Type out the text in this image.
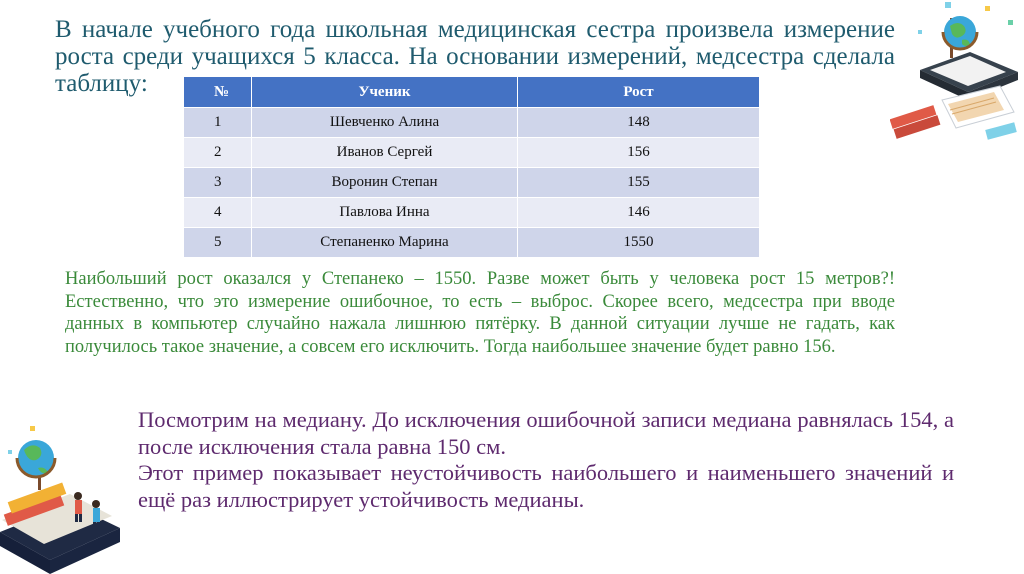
В начале учебного года школьная медицинская сестра произвела измерение роста среди учащихся 5 класса. На основании измерений, медсестра сделала таблицу:	№	Ученик	Рост
1	Шевченко Алина	148
2	Иванов Сергей	156
3	Воронин Степан	155
4	Павлова Инна	146
5	Степаненко Марина	1550

Наибольший рост оказался у Степанеко – 1550. Разве может быть у человека рост 15 метров?! Естественно, что это измерение ошибочное, то есть – выброс. Скорее всего, медсестра при вводе данных в компьютер случайно нажала лишнюю пятёрку. В данной ситуации лучше не гадать, как получилось такое значение, а совсем его исключить. Тогда наибольшее значение будет равно 156.

Посмотрим на медиану. До исключения ошибочной записи медиана равнялась 154, а после исключения стала равна 150 см.

Этот пример показывает неустойчивость наибольшего и наименьшего значений и ещё раз иллюстрирует устойчивость медианы.
